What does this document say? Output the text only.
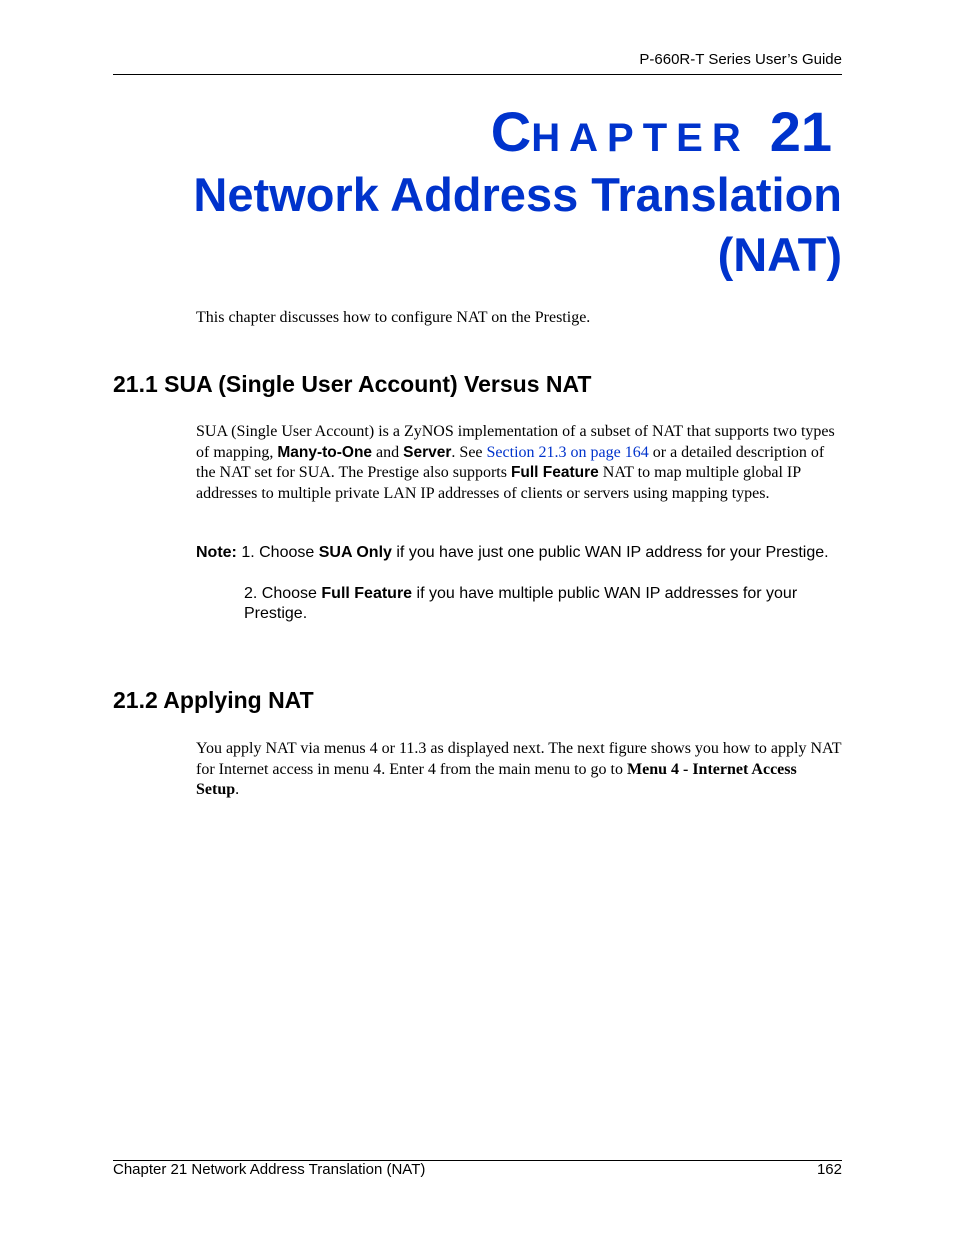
P-660R-T Series User’s Guide
CHAPTER 21
Network Address Translation
(NAT)
This chapter discusses how to configure NAT on the Prestige.
21.1 SUA (Single User Account) Versus NAT
SUA (Single User Account) is a ZyNOS implementation of a subset of NAT that supports two types of mapping, Many-to-One and Server. See Section 21.3 on page 164 or a detailed description of the NAT set for SUA. The Prestige also supports Full Feature NAT to map multiple global IP addresses to multiple private LAN IP addresses of clients or servers using mapping types.
Note: 1. Choose SUA Only if you have just one public WAN IP address for your Prestige.
2. Choose Full Feature if you have multiple public WAN IP addresses for your Prestige.
21.2 Applying NAT
You apply NAT via menus 4 or 11.3 as displayed next. The next figure shows you how to apply NAT for Internet access in menu 4. Enter 4 from the main menu to go to Menu 4 - Internet Access Setup.
Chapter 21 Network Address Translation (NAT)	162
